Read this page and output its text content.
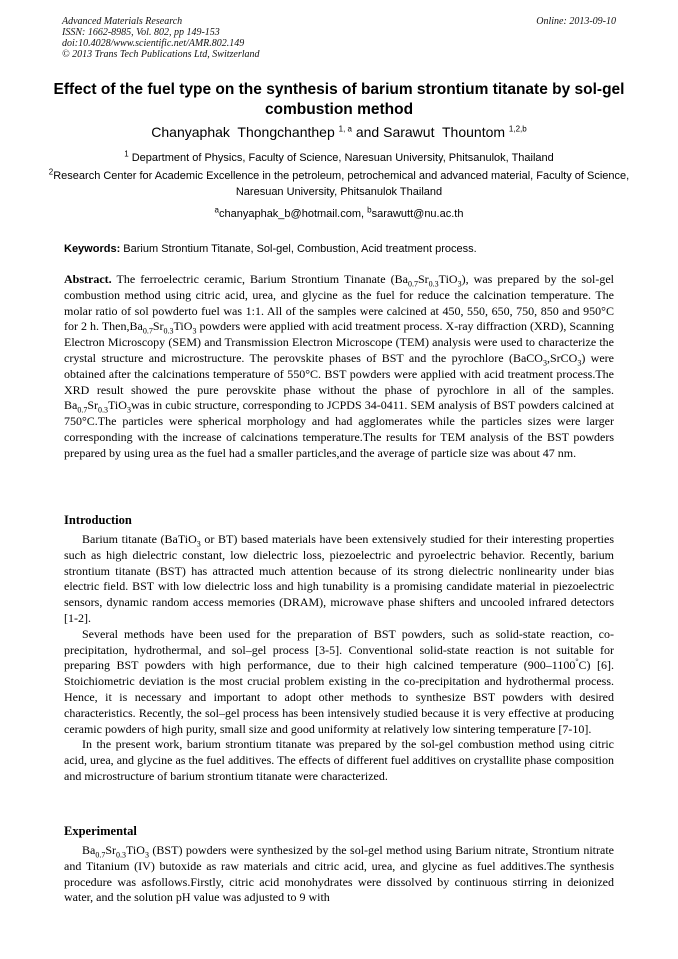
Advanced Materials Research
ISSN: 1662-8985, Vol. 802, pp 149-153
doi:10.4028/www.scientific.net/AMR.802.149
© 2013 Trans Tech Publications Ltd, Switzerland
Online: 2013-09-10
Effect of the fuel type on the synthesis of barium strontium titanate by sol-gel combustion method
Chanyaphak  Thongchanthep $^{1, a}$ and Sarawut  Thountom $^{1,2,b}$
$^1$ Department of Physics, Faculty of Science, Naresuan University, Phitsanulok, Thailand
$^2$Research Center for Academic Excellence in the petroleum, petrochemical and advanced material, Faculty of Science, Naresuan University, Phitsanulok Thailand
$^a$chanyaphak_b@hotmail.com, $^b$sarawutt@nu.ac.th
Keywords: Barium Strontium Titanate, Sol-gel, Combustion, Acid treatment process.
Abstract. The ferroelectric ceramic, Barium Strontium Tinanate $(Ba_{0.7}Sr_{0.3}TiO_3)$, was prepared by the sol-gel combustion method using citric acid, urea, and glycine as the fuel for reduce the calcination temperature. The molar ratio of sol powderto fuel was 1:1. All of the samples were calcined at 450, 550, 650, 750, 850 and 950°C for 2 h. $Then,Ba_{0.7}Sr_{0.3}TiO_3$ powders were applied with acid treatment process. X-ray diffraction (XRD), Scanning Electron Microscopy (SEM) and Transmission Electron Microscope (TEM) analysis were used to characterize the crystal structure and microstructure. The perovskite phases of BST and the pyrochlore (BaCO$_3$,SrCO$_3$) were obtained after the calcinations temperature of 550°C. BST powders were applied with acid treatment process.The XRD result showed the pure perovskite phase without the phase of pyrochlore in all of the samples. $Ba_{0.7}Sr_{0.3}TiO_3was$ in cubic structure, corresponding to JCPDS 34-0411. SEM analysis of BST powders calcined at 750°C.The particles were spherical morphology and had agglomerates while the particles sizes were larger corresponding with the increase of calcinations temperature.The results for TEM analysis of the BST powders prepared by using urea as the fuel had a smaller particles,and the average of particle size was about 47 nm.
Introduction

Barium titanate (BaTiO$_3$ or BT) based materials have been extensively studied for their interesting properties such as high dielectric constant, low dielectric loss, piezoelectric and pyroelectric behavior. Recently, barium strontium titanate (BST) has attracted much attention because of its strong dielectric nonlinearity under bias electric field. BST with low dielectric loss and high tunability is a promising candidate material in piezoelectric sensors, dynamic random access memories (DRAM), microwave phase shifters and uncooled infrared detectors [1-2].

Several methods have been used for the preparation of BST powders, such as solid-state reaction, co-precipitation, hydrothermal, and sol–gel process [3-5]. Conventional solid-state reaction is not suitable for preparing BST powders with high performance, due to their high calcined temperature (900–1100°C) [6]. Stoichiometric deviation is the most crucial problem existing in the co-precipitation and hydrothermal process. Hence, it is necessary and important to adopt other methods to synthesize BST powders with desired characteristics. Recently, the sol–gel process has been intensively studied because it is very effective at producing ceramic powders of high purity, small size and good uniformity at relatively low sintering temperature [7-10].

In the present work, barium strontium titanate was prepared by the sol-gel combustion method using citric acid, urea, and glycine as the fuel additives. The effects of different fuel additives on crystallite phase composition and microstructure of barium strontium titanate were characterized.

Experimental

$Ba_{0.7}Sr_{0.3}TiO_3$ (BST) powders were synthesized by the sol-gel method using Barium nitrate, Strontium nitrate and Titanium (IV) butoxide as raw materials and citric acid, urea, and glycine as fuel additives.The synthesis procedure was asfollows.Firstly, citric acid monohydrates were dissolved by continuous stirring in deionized water, and the solution pH value was adjusted to 9 with
